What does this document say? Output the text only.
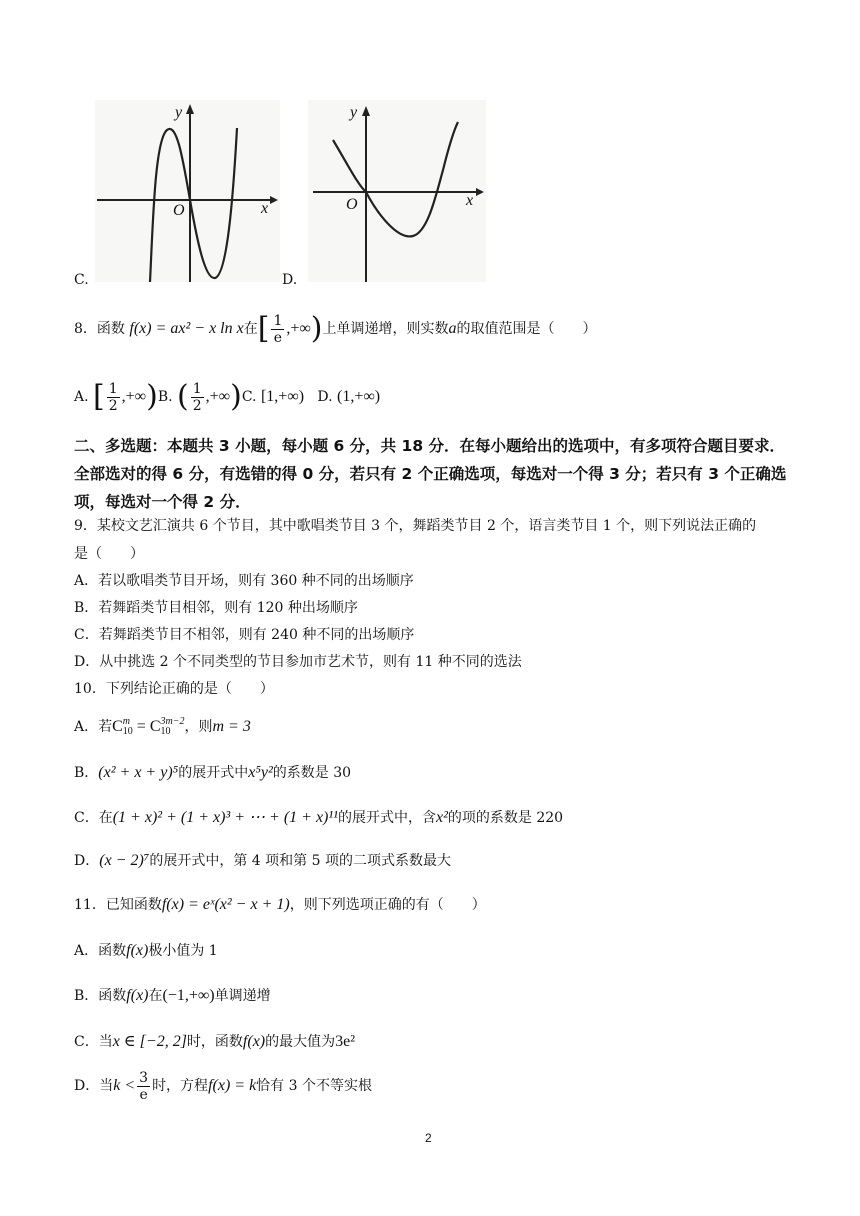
y
x
O
C.
y
x
O
D.
8．函数 f(x) = ax² − x ln x在[ $\frac{1}{e}$ ,+∞)上单调递增，则实数a的取值范围是（　　）
A. [ $\frac{1}{2} ,+\infty)B$. ( $\frac{1}{2} ,+\infty)C$. [1,+∞) D. (1,+∞)
二、多选题：本题共 3 小题，每小题 6 分，共 18 分．在每小题给出的选项中，有多项符合题目要求．全部选对的得 6 分，有选错的得 0 分，若只有 2 个正确选项，每选对一个得 3 分；若只有 3 个正确选项，每选对一个得 2 分．
9．某校文艺汇演共 6 个节目，其中歌唱类节目 3 个，舞蹈类节目 2 个，语言类节目 1 个，则下列说法正确的
是（　　）
A．若以歌唱类节目开场，则有 360 种不同的出场顺序
B．若舞蹈类节目相邻，则有 120 种出场顺序
C．若舞蹈类节目不相邻，则有 240 种不同的出场顺序
D．从中挑选 2 个不同类型的节目参加市艺术节，则有 11 种不同的选法
10．下列结论正确的是（　　）
A．若C m
10 = C 3m−2
10 ，则m = 3
B．(x² + x + y)⁵的展开式中x⁵y²的系数是 30
C．在(1 + x)² + (1 + x)³ + ⋯ + (1 + x)¹¹的展开式中，含x²的项的系数是 220
D．(x − 2)⁷的展开式中，第 4 项和第 5 项的二项式系数最大
11．已知函数f(x) = eˣ(x² − x + 1)，则下列选项正确的有（　　）
A．函数f(x)极小值为 1
B．函数f(x)在(−1,+∞)单调递增
C．当x ∈ [−2, 2]时，函数f(x)的最大值为3e²
D．当$k < \frac{3}{e}$ 时，方程f(x) = k恰有 3 个不等实根
2
